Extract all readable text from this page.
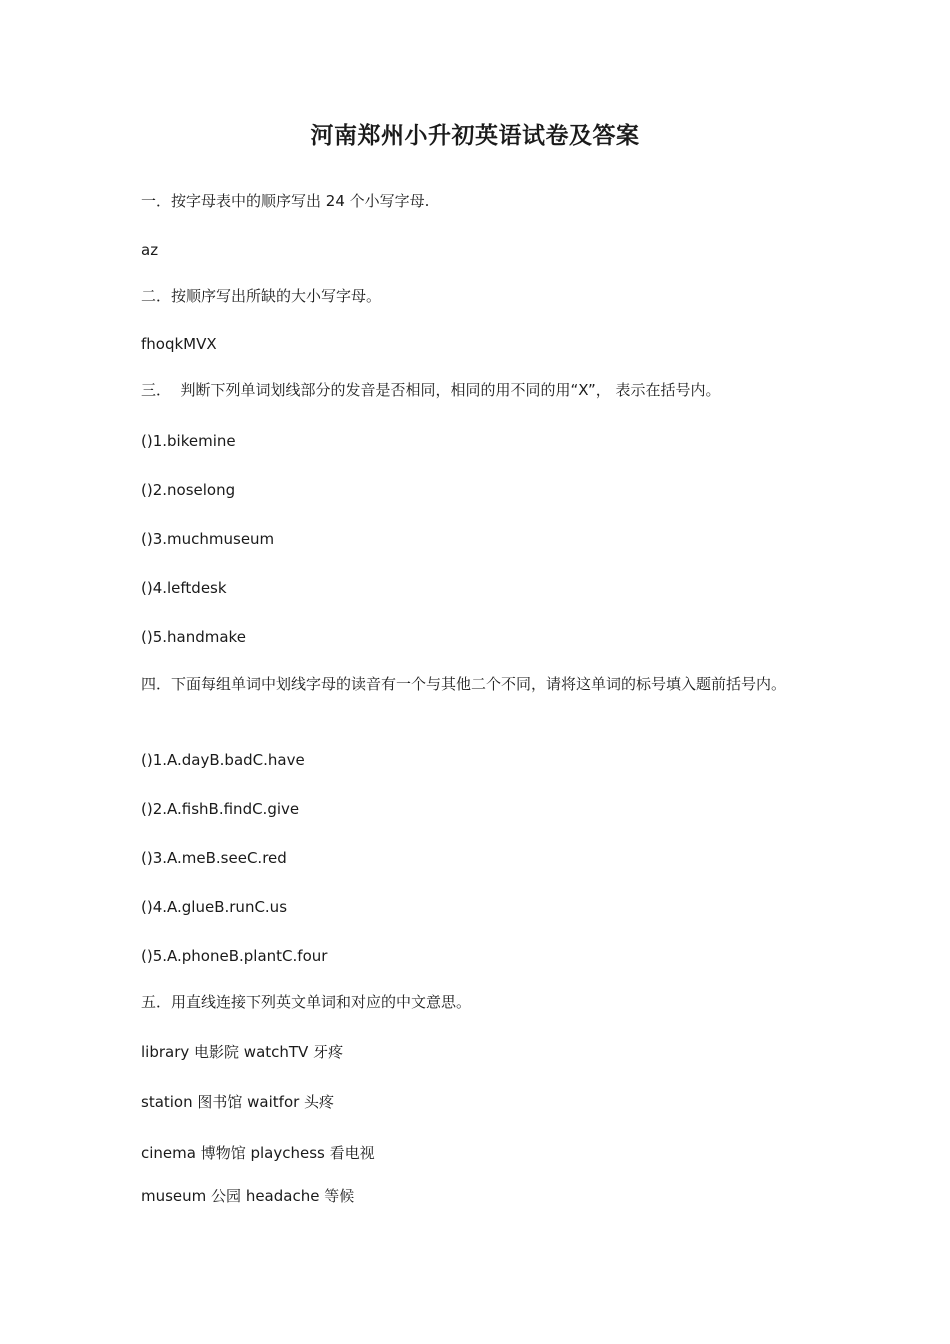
河南郑州小升初英语试卷及答案

一．按字母表中的顺序写出 24 个小写字母.

az

二．按顺序写出所缺的大小写字母。

fhoqkMVX

三．  判断下列单词划线部分的发音是否相同，相同的用不同的用“X”， 表示在括号内。

()1.bikemine

()2.noselong

()3.muchmuseum

()4.leftdesk

()5.handmake

四．下面每组单词中划线字母的读音有一个与其他二个不同，请将这单词的标号填入题前括号内。

()1.A.dayB.badC.have

()2.A.fishB.findC.give

()3.A.meB.seeC.red

()4.A.glueB.runC.us

()5.A.phoneB.plantC.four

五．用直线连接下列英文单词和对应的中文意思。

library 电影院 watchTV 牙疼

station 图书馆 waitfor 头疼

cinema 博物馆 playchess 看电视

museum 公园 headache 等候
